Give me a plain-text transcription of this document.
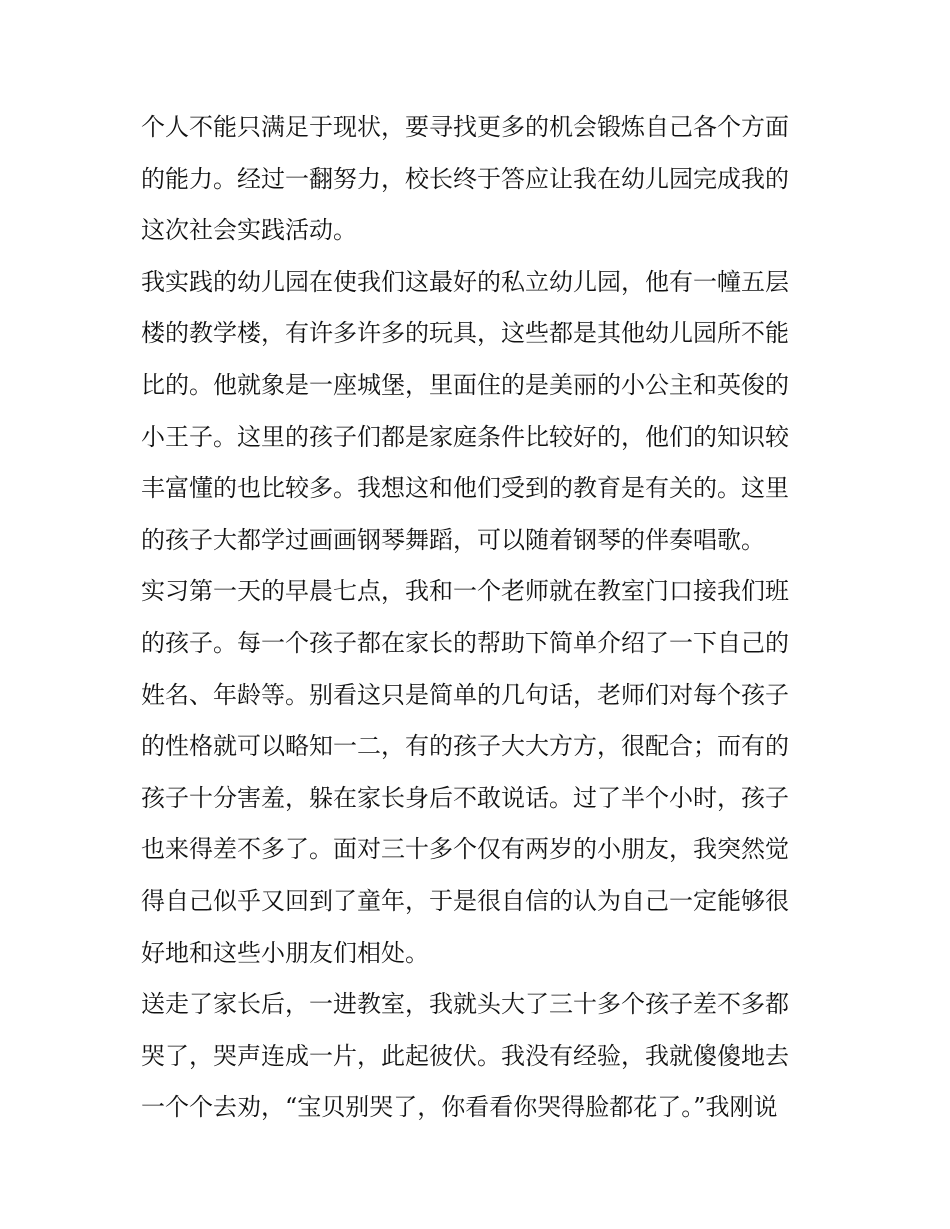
个人不能只满足于现状，要寻找更多的机会锻炼自己各个方面
的能力。经过一翻努力，校长终于答应让我在幼儿园完成我的
这次社会实践活动。
我实践的幼儿园在使我们这最好的私立幼儿园，他有一幢五层
楼的教学楼，有许多许多的玩具，这些都是其他幼儿园所不能
比的。他就象是一座城堡，里面住的是美丽的小公主和英俊的
小王子。这里的孩子们都是家庭条件比较好的，他们的知识较
丰富懂的也比较多。我想这和他们受到的教育是有关的。这里
的孩子大都学过画画钢琴舞蹈，可以随着钢琴的伴奏唱歌。
实习第一天的早晨七点，我和一个老师就在教室门口接我们班
的孩子。每一个孩子都在家长的帮助下简单介绍了一下自己的
姓名、年龄等。别看这只是简单的几句话，老师们对每个孩子
的性格就可以略知一二，有的孩子大大方方，很配合；而有的
孩子十分害羞，躲在家长身后不敢说话。过了半个小时，孩子
也来得差不多了。面对三十多个仅有两岁的小朋友，我突然觉
得自己似乎又回到了童年，于是很自信的认为自己一定能够很
好地和这些小朋友们相处。
送走了家长后，一进教室，我就头大了三十多个孩子差不多都
哭了，哭声连成一片，此起彼伏。我没有经验，我就傻傻地去
一个个去劝，“宝贝别哭了，你看看你哭得脸都花了。”我刚说
